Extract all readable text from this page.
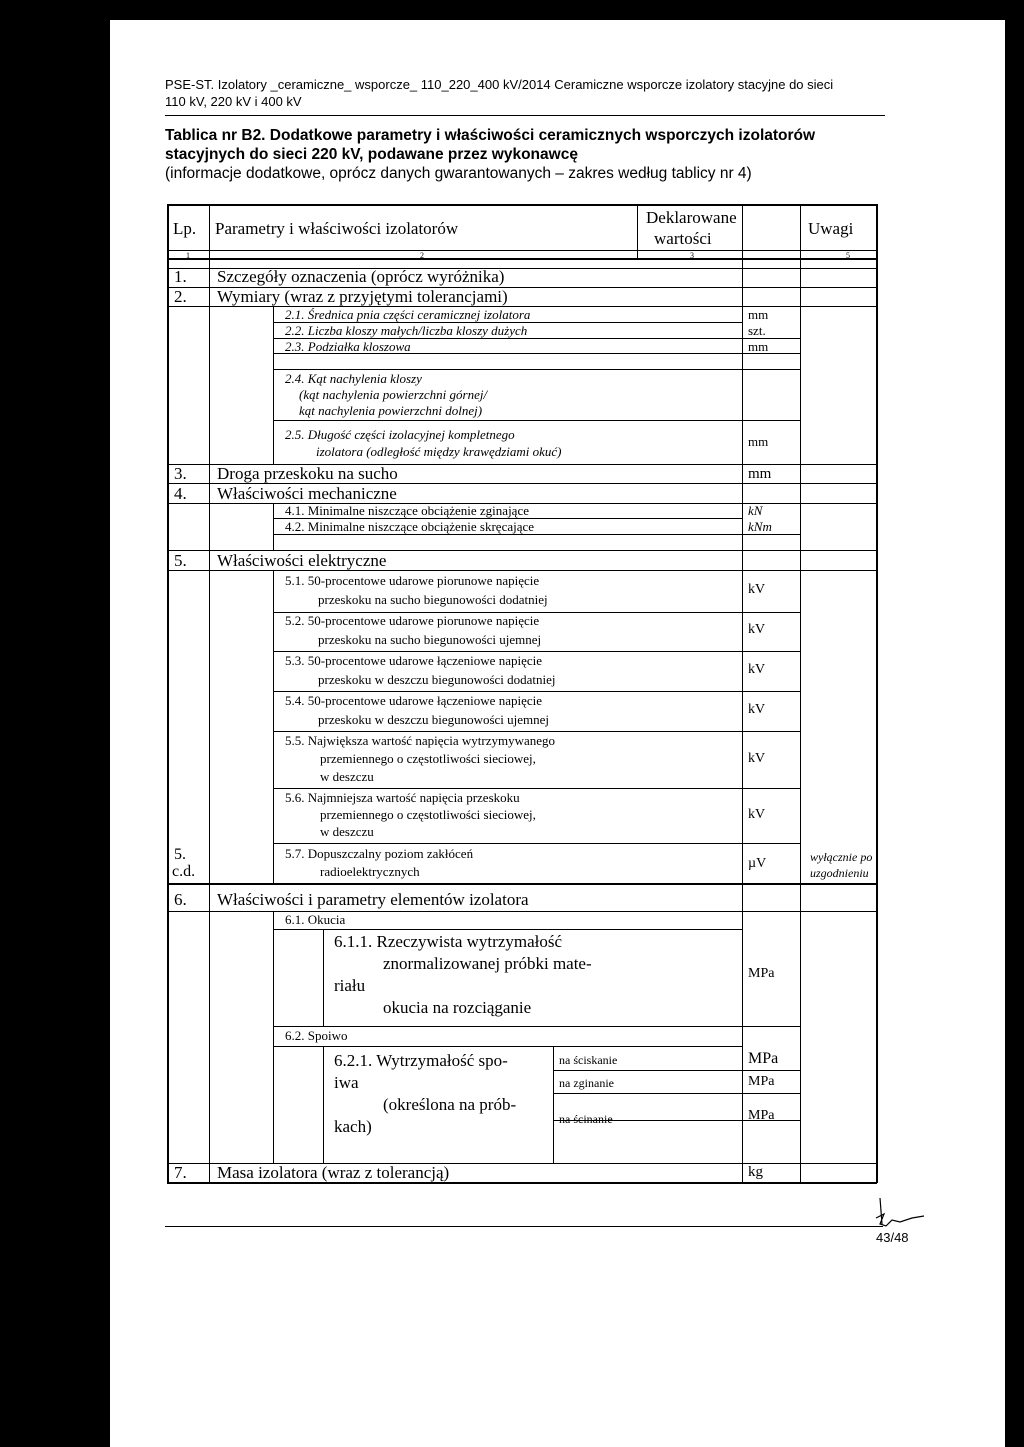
PSE-ST. Izolatory _ceramiczne_ wsporcze_ 110_220_400 kV/2014 Ceramiczne wsporcze izolatory stacyjne do sieci
110 kV, 220 kV i 400 kV
Tablica nr B2. Dodatkowe parametry i właściwości ceramicznych wsporczych izolatorów
stacyjnych do sieci 220 kV, podawane przez wykonawcę
(informacje dodatkowe, oprócz danych gwarantowanych – zakres według tablicy nr 4)
Lp. Parametry i właściwości izolatorów
Deklarowane
wartości
Uwagi
1	2	3	5
1. Szczegóły oznaczenia (oprócz wyróżnika)
2. Wymiary (wraz z przyjętymi tolerancjami)
2.1. Średnica pnia części ceramicznej izolatora	mm
2.2. Liczba kloszy małych/liczba kloszy dużych	szt.
2.3. Podziałka kloszowa	mm
2.4. Kąt nachylenia kloszy
(kąt nachylenia powierzchni górnej/
kąt nachylenia powierzchni dolnej)
2.5. Długość części izolacyjnej kompletnego
izolatora (odległość między krawędziami okuć)
mm
3. Droga przeskoku na sucho	mm
4. Właściwości mechaniczne
4.1. Minimalne niszczące obciążenie zginające	kN
4.2. Minimalne niszczące obciążenie skręcające	kNm
5. Właściwości elektryczne
5.1. 50-procentowe udarowe piorunowe napięcie
przeskoku na sucho biegunowości dodatniej
kV
5.2. 50-procentowe udarowe piorunowe napięcie
przeskoku na sucho biegunowości ujemnej
kV
5.3. 50-procentowe udarowe łączeniowe napięcie
przeskoku w deszczu biegunowości dodatniej
kV
5.4. 50-procentowe udarowe łączeniowe napięcie
przeskoku w deszczu biegunowości ujemnej
kV
5.5. Największa wartość napięcia wytrzymywanego
przemiennego o częstotliwości sieciowej,
w deszczu
kV
5.6. Najmniejsza wartość napięcia przeskoku
przemiennego o częstotliwości sieciowej,
w deszczu
kV
5.
c.d.
5.7. Dopuszczalny poziom zakłóceń
radioelektrycznych
µV	wyłącznie po
uzgodnieniu
6. Właściwości i parametry elementów izolatora
6.1. Okucia
6.1.1. Rzeczywista wytrzymałość
znormalizowanej próbki mate-
riału
okucia na rozciąganie
MPa
6.2. Spoiwo
6.2.1. Wytrzymałość spo-
iwa
(określona na prób-
kach)
na ściskanie	MPa
na zginanie	MPa
na ścinanie	MPa
7. Masa izolatora (wraz z tolerancją)	kg
43/48
